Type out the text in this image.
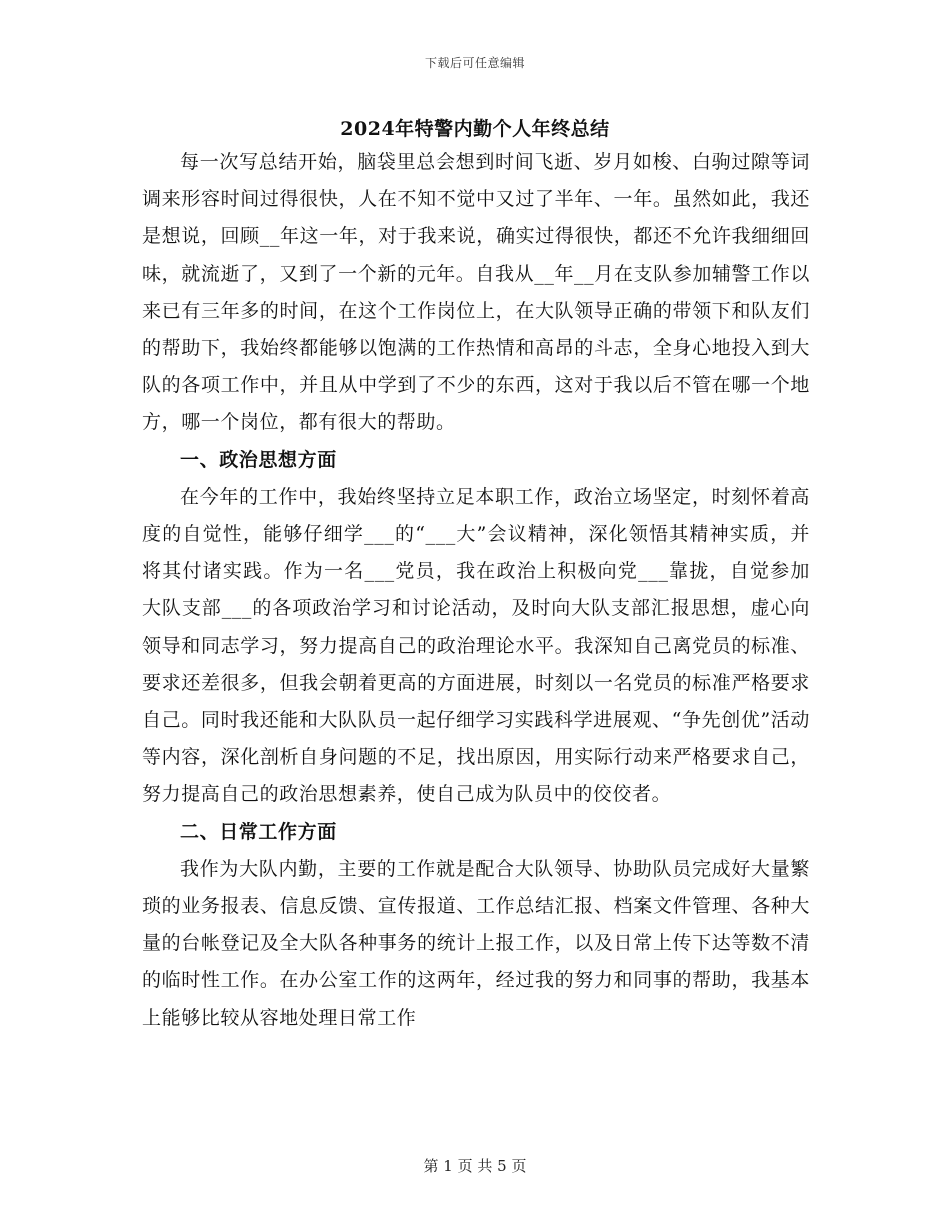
下载后可任意编辑
2024年特警内勤个人年终总结

每一次写总结开始，脑袋里总会想到时间飞逝、岁月如梭、白驹过隙等词调来形容时间过得很快，人在不知不觉中又过了半年、一年。虽然如此，我还是想说，回顾__年这一年，对于我来说，确实过得很快，都还不允许我细细回味，就流逝了，又到了一个新的元年。自我从__年__月在支队参加辅警工作以来已有三年多的时间，在这个工作岗位上，在大队领导正确的带领下和队友们的帮助下，我始终都能够以饱满的工作热情和高昂的斗志，全身心地投入到大队的各项工作中，并且从中学到了不少的东西，这对于我以后不管在哪一个地方，哪一个岗位，都有很大的帮助。

一、政治思想方面

在今年的工作中，我始终坚持立足本职工作，政治立场坚定，时刻怀着高度的自觉性，能够仔细学___的“___大”会议精神，深化领悟其精神实质，并将其付诸实践。作为一名___党员，我在政治上积极向党___靠拢，自觉参加大队支部___的各项政治学习和讨论活动，及时向大队支部汇报思想，虚心向领导和同志学习，努力提高自己的政治理论水平。我深知自己离党员的标准、要求还差很多，但我会朝着更高的方面进展，时刻以一名党员的标准严格要求自己。同时我还能和大队队员一起仔细学习实践科学进展观、“争先创优”活动等内容，深化剖析自身问题的不足，找出原因，用实际行动来严格要求自己，努力提高自己的政治思想素养，使自己成为队员中的佼佼者。

二、日常工作方面

我作为大队内勤，主要的工作就是配合大队领导、协助队员完成好大量繁琐的业务报表、信息反馈、宣传报道、工作总结汇报、档案文件管理、各种大量的台帐登记及全大队各种事务的统计上报工作，以及日常上传下达等数不清的临时性工作。在办公室工作的这两年，经过我的努力和同事的帮助，我基本上能够比较从容地处理日常工作

第 1 页 共 5 页
